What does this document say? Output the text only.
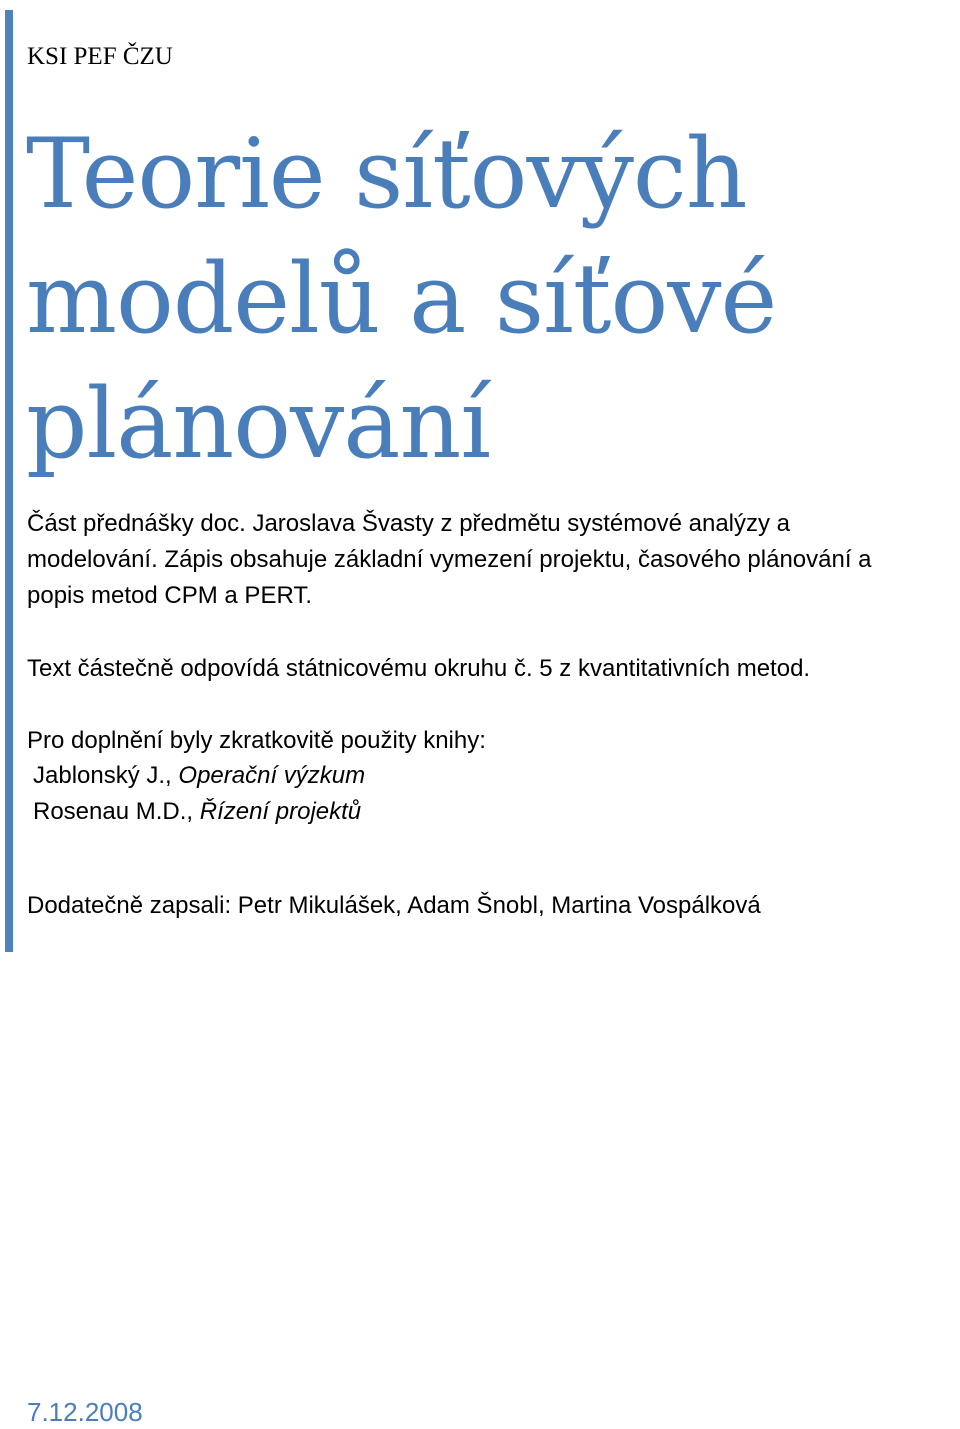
KSI PEF ČZU
Teorie síťových
modelů a síťové
plánování
Část přednášky doc. Jaroslava Švasty z předmětu systémové analýzy a
modelování. Zápis obsahuje základní vymezení projektu, časového plánování a
popis metod CPM a PERT.
Text částečně odpovídá státnicovému okruhu č. 5 z kvantitativních metod.
Pro doplnění byly zkratkovitě použity knihy:
Jablonský J., Operační výzkum
Rosenau M.D., Řízení projektů
Dodatečně zapsali: Petr Mikulášek, Adam Šnobl, Martina Vospálková
7.12.2008
